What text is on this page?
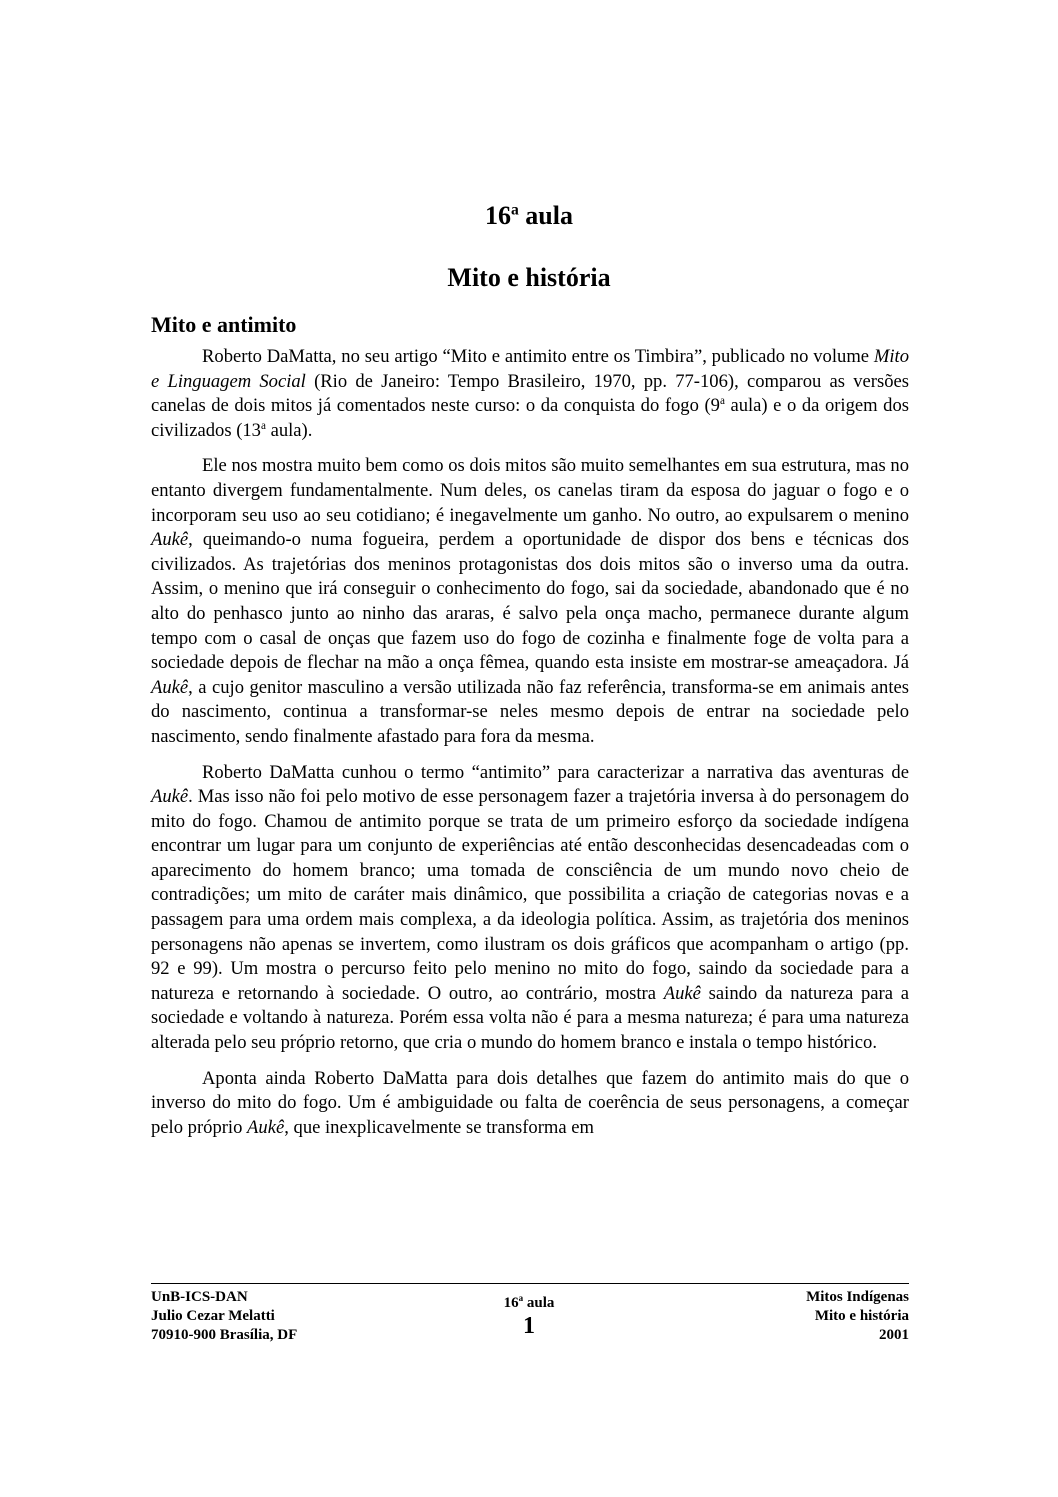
16$^a$ aula
Mito e história
Mito e antimito

Roberto DaMatta, no seu artigo “Mito e antimito entre os Timbira”, publicado no volume Mito e Linguagem Social (Rio de Janeiro: Tempo Brasileiro, 1970, pp. 77-106), comparou as versões canelas de dois mitos já comentados neste curso: o da conquista do fogo (9$^a$ aula) e o da origem dos civilizados (13$^a$ aula).

Ele nos mostra muito bem como os dois mitos são muito semelhantes em sua estrutura, mas no entanto divergem fundamentalmente. Num deles, os canelas tiram da esposa do jaguar o fogo e o incorporam seu uso ao seu cotidiano; é inegavelmente um ganho. No outro, ao expulsarem o menino Aukê, queimando-o numa fogueira, perdem a oportunidade de dispor dos bens e técnicas dos civilizados. As trajetórias dos meninos protagonistas dos dois mitos são o inverso uma da outra. Assim, o menino que irá conseguir o conhecimento do fogo, sai da sociedade, abandonado que é no alto do penhasco junto ao ninho das araras, é salvo pela onça macho, permanece durante algum tempo com o casal de onças que fazem uso do fogo de cozinha e finalmente foge de volta para a sociedade depois de flechar na mão a onça fêmea, quando esta insiste em mostrar-se ameaçadora. Já Aukê, a cujo genitor masculino a versão utilizada não faz referência, transforma-se em animais antes do nascimento, continua a transformar-se neles mesmo depois de entrar na sociedade pelo nascimento, sendo finalmente afastado para fora da mesma.

Roberto DaMatta cunhou o termo “antimito” para caracterizar a narrativa das aventuras de Aukê. Mas isso não foi pelo motivo de esse personagem fazer a trajetória inversa à do personagem do mito do fogo. Chamou de antimito porque se trata de um primeiro esforço da sociedade indígena encontrar um lugar para um conjunto de experiências até então desconhecidas desencadeadas com o aparecimento do homem branco; uma tomada de consciência de um mundo novo cheio de contradições; um mito de caráter mais dinâmico, que possibilita a criação de categorias novas e a passagem para uma ordem mais complexa, a da ideologia política. Assim, as trajetória dos meninos personagens não apenas se invertem, como ilustram os dois gráficos que acompanham o artigo (pp. 92 e 99). Um mostra o percurso feito pelo menino no mito do fogo, saindo da sociedade para a natureza e retornando à sociedade. O outro, ao contrário, mostra Aukê saindo da natureza para a sociedade e voltando à natureza. Porém essa volta não é para a mesma natureza; é para uma natureza alterada pelo seu próprio retorno, que cria o mundo do homem branco e instala o tempo histórico.

Aponta ainda Roberto DaMatta para dois detalhes que fazem do antimito mais do que o inverso do mito do fogo. Um é ambiguidade ou falta de coerência de seus personagens, a começar pelo próprio Aukê, que inexplicavelmente se transforma em

UnB-ICS-DAN
Julio Cezar Melatti
70910-900 Brasília, DF
16$^a$ aula
1
Mitos Indígenas
Mito e história
2001
